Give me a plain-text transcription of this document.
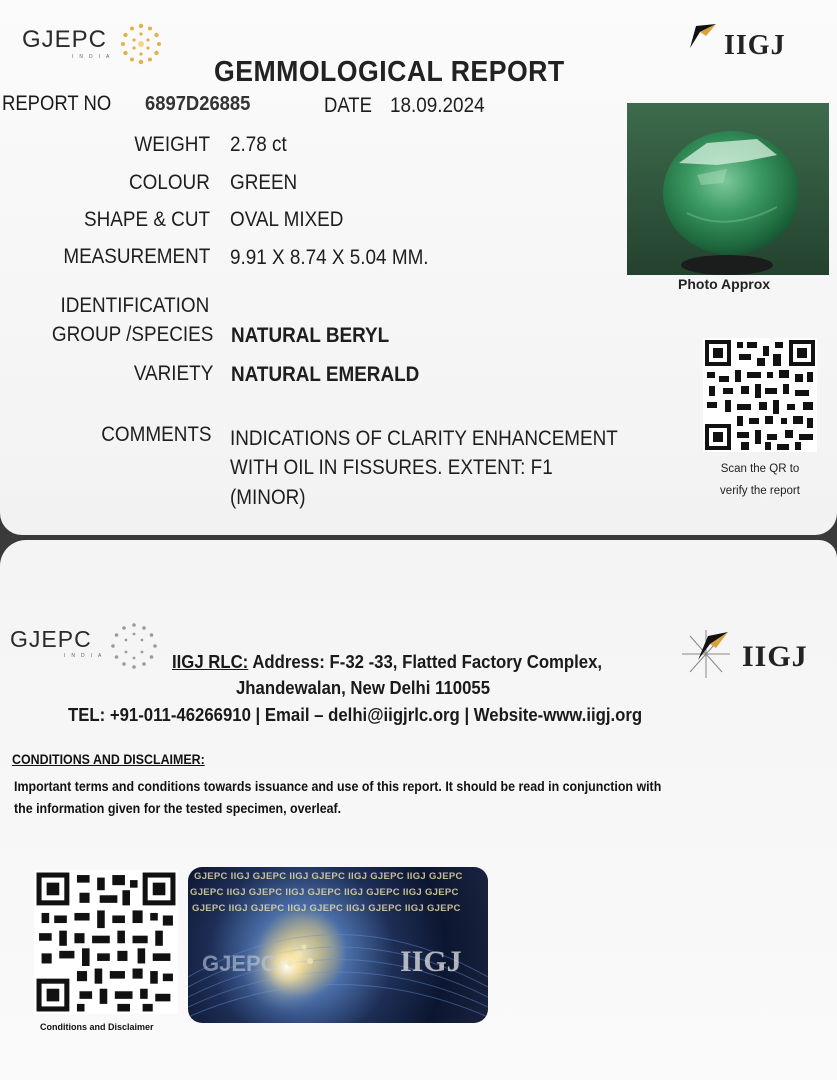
GJEPC
INDIA	IIGJ
GEMMOLOGICAL REPORT
REPORT NO 6897D26885	DATE 18.09.2024
WEIGHT 2.78 ct
COLOUR GREEN
SHAPE & CUT OVAL MIXED
MEASUREMENT 9.91 X 8.74 X 5.04 MM.
IDENTIFICATION
GROUP /SPECIES NATURAL BERYL
VARIETY NATURAL EMERALD
COMMENTS INDICATIONS OF CLARITY ENHANCEMENT
WITH OIL IN FISSURES. EXTENT: F1
(MINOR)
Photo Approx
Scan the QR to
verify the report
GJEPC
INDIA	IIGJ
IIGJ RLC: Address: F-32 -33, Flatted Factory Complex,
Jhandewalan, New Delhi 110055
TEL: +91-011-46266910 | Email – delhi@iigjrlc.org | Website-www.iigj.org
CONDITIONS AND DISCLAIMER:
Important terms and conditions towards issuance and use of this report. It should be read in conjunction with
the information given for the tested specimen, overleaf.
Conditions and Disclaimer
IIGJ
GJEPC
GJEPC IIGJ GJEPC IIGJ GJEPC IIGJ GJEPC IIGJ GJEPC
GJEPC IIGJ GJEPC IIGJ GJEPC IIGJ GJEPC IIGJ GJEPC
GJEPC IIGJ GJEPC IIGJ GJEPC IIGJ GJEPC IIGJ GJEPC
